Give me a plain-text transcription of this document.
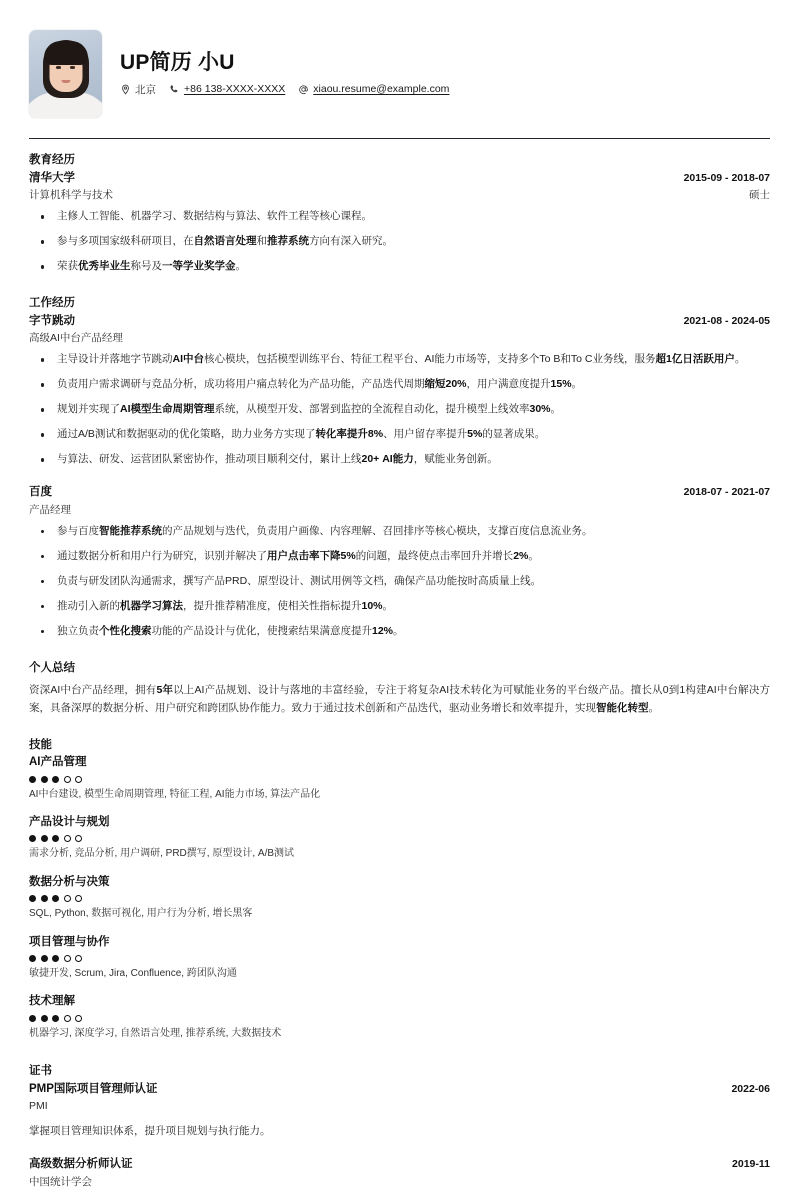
UP简历 小U
北京	+86 138-XXXX-XXXX	xiaou.resume@example.com
教育经历
清华大学	2015-09 - 2018-07
计算机科学与技术	硕士
主修人工智能、机器学习、数据结构与算法、软件工程等核心课程。
参与多项国家级科研项目，在自然语言处理和推荐系统方向有深入研究。
荣获优秀毕业生称号及一等学业奖学金。
工作经历
字节跳动	2021-08 - 2024-05
高级AI中台产品经理
主导设计并落地字节跳动AI中台核心模块，包括模型训练平台、特征工程平台、AI能力市场等，支持多个To B和To C业务线，服务超1亿日活跃用户。
负责用户需求调研与竞品分析，成功将用户痛点转化为产品功能，产品迭代周期缩短20%，用户满意度提升15%。
规划并实现了AI模型生命周期管理系统，从模型开发、部署到监控的全流程自动化，提升模型上线效率30%。
通过A/B测试和数据驱动的优化策略，助力业务方实现了转化率提升8%、用户留存率提升5%的显著成果。
与算法、研发、运营团队紧密协作，推动项目顺利交付，累计上线20+ AI能力，赋能业务创新。
百度	2018-07 - 2021-07
产品经理
参与百度智能推荐系统的产品规划与迭代，负责用户画像、内容理解、召回排序等核心模块，支撑百度信息流业务。
通过数据分析和用户行为研究，识别并解决了用户点击率下降5%的问题，最终使点击率回升并增长2%。
负责与研发团队沟通需求，撰写产品PRD、原型设计、测试用例等文档，确保产品功能按时高质量上线。
推动引入新的机器学习算法，提升推荐精准度，使相关性指标提升10%。
独立负责个性化搜索功能的产品设计与优化，使搜索结果满意度提升12%。
个人总结

资深AI中台产品经理，拥有5年以上AI产品规划、设计与落地的丰富经验，专注于将复杂AI技术转化为可赋能业务的平台级产品。擅长从0到1构建AI中台解决方案，具备深厚的数据分析、用户研究和跨团队协作能力。致力于通过技术创新和产品迭代，驱动业务增长和效率提升，实现智能化转型。

技能
AI产品管理
AI中台建设, 模型生命周期管理, 特征工程, AI能力市场, 算法产品化
产品设计与规划
需求分析, 竞品分析, 用户调研, PRD撰写, 原型设计, A/B测试
数据分析与决策
SQL, Python, 数据可视化, 用户行为分析, 增长黑客
项目管理与协作
敏捷开发, Scrum, Jira, Confluence, 跨团队沟通
技术理解
机器学习, 深度学习, 自然语言处理, 推荐系统, 大数据技术
证书
PMP国际项目管理师认证	2022-06
PMI
掌握项目管理知识体系，提升项目规划与执行能力。
高级数据分析师认证	2019-11
中国统计学会
